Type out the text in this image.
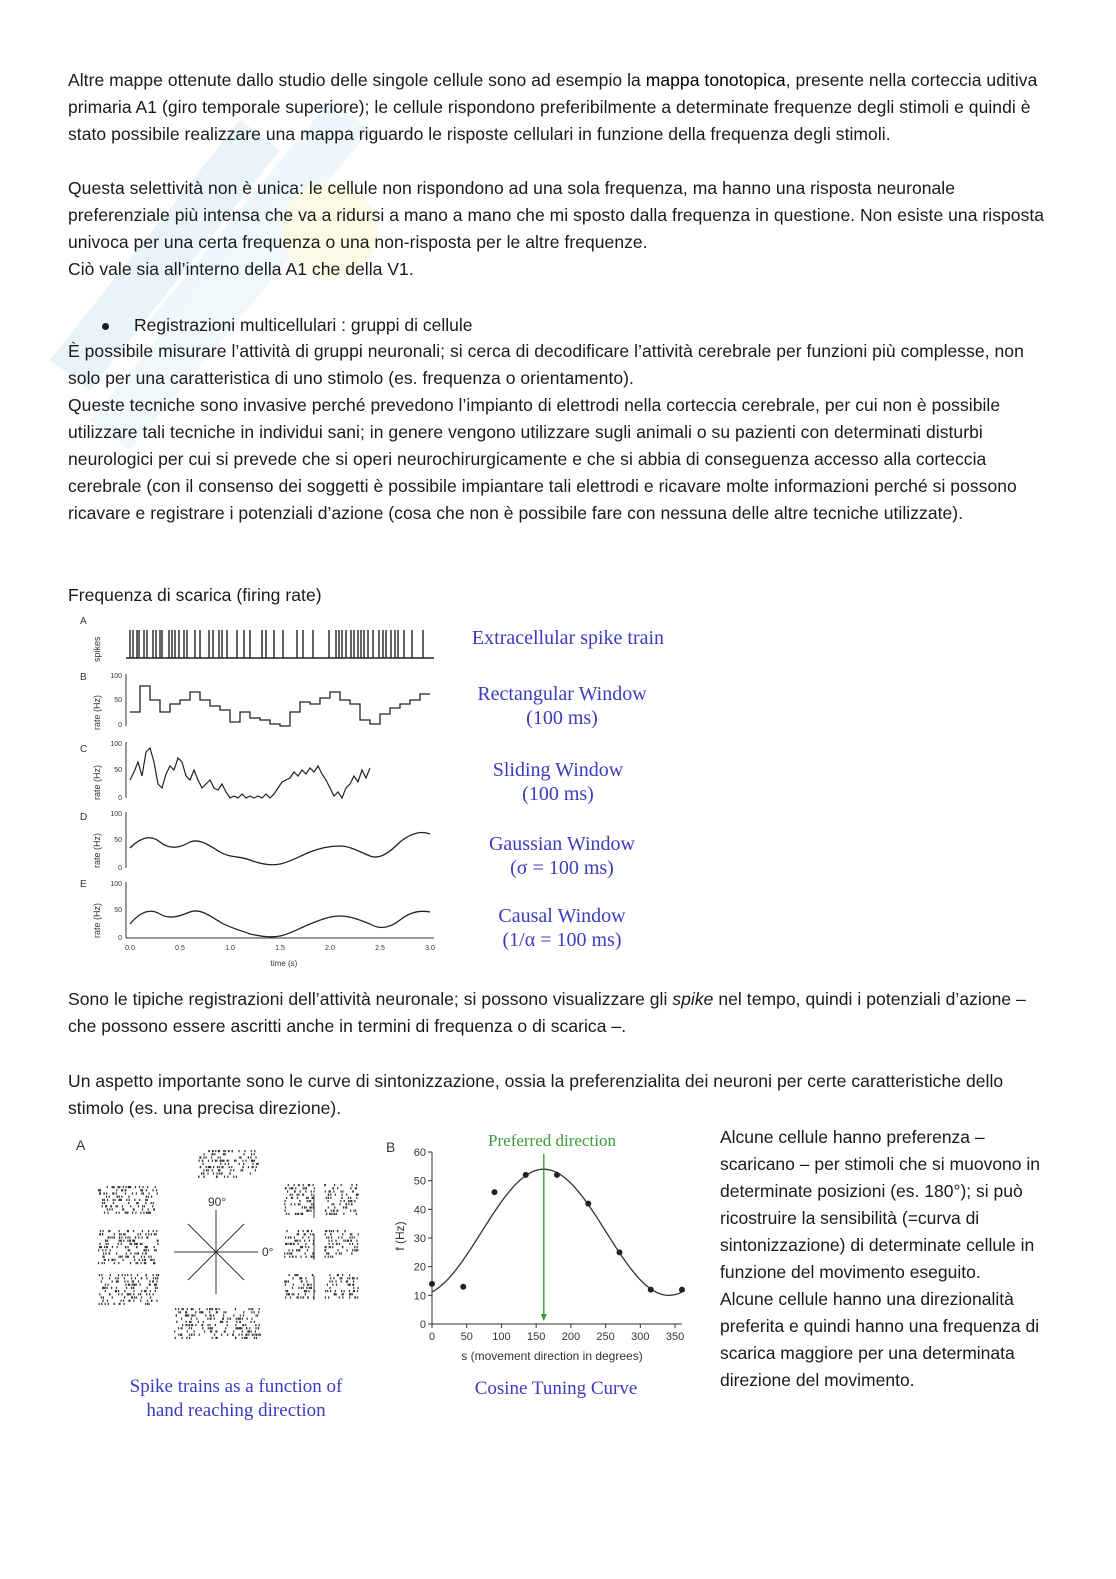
Altre mappe ottenute dallo studio delle singole cellule sono ad esempio la mappa tonotopica, presente nella corteccia uditiva primaria A1 (giro temporale superiore); le cellule rispondono preferibilmente a determinate frequenze degli stimoli e quindi è stato possibile realizzare una mappa riguardo le risposte cellulari in funzione della frequenza degli stimoli.
Questa selettività non è unica: le cellule non rispondono ad una sola frequenza, ma hanno una risposta neuronale preferenziale più intensa che va a ridursi a mano a mano che mi sposto dalla frequenza in questione. Non esiste una risposta univoca per una certa frequenza o una non-risposta per le altre frequenze.
Ciò vale sia all’interno della A1 che della V1.
Registrazioni multicellulari : gruppi di cellule
È possibile misurare l’attività di gruppi neuronali; si cerca di decodificare l’attività cerebrale per funzioni più complesse, non solo per una caratteristica di uno stimolo (es. frequenza o orientamento).
Queste tecniche sono invasive perché prevedono l’impianto di elettrodi nella corteccia cerebrale, per cui non è possibile utilizzare tali tecniche in individui sani; in genere vengono utilizzare sugli animali o su pazienti con determinati disturbi neurologici per cui si prevede che si operi neurochirurgicamente e che si abbia di conseguenza accesso alla corteccia cerebrale (con il consenso dei soggetti è possibile impiantare tali elettrodi e ricavare molte informazioni perché si possono ricavare e registrare i potenziali d’azione (cosa che non è possibile fare con nessuna delle altre tecniche utilizzate).
Frequenza di scarica (firing rate)
A
B
C
D
E
spikes
rate (Hz)
rate (Hz)
rate (Hz)
rate (Hz)
100
50
0
100
50
0
100
50
0
100
50
0
0.0	0.5	1.0	1.5	2.0	2.5	3.0
time (s)
Extracellular spike train
Rectangular Window
(100 ms)
Sliding Window
(100 ms)
Gaussian Window
(σ = 100 ms)
Causal Window
(1/α = 100 ms)
Sono le tipiche registrazioni dell’attività neuronale; si possono visualizzare gli spike nel tempo, quindi i potenziali d’azione – che possono essere ascritti anche in termini di frequenza o di scarica –.
Un aspetto importante sono le curve di sintonizzazione, ossia la preferenzialita dei neuroni per certe caratteristiche dello stimolo (es. una precisa direzione).
A	B
90°
0°
Spike trains as a function of
hand reaching direction
60
50
40
30
20
10
0
0 50 100 150 200 250 300 350
Preferred direction
f (Hz)
s (movement direction in degrees)
Cosine Tuning Curve
Alcune cellule hanno preferenza – scaricano – per stimoli che si muovono in determinate posizioni (es. 180°); si può ricostruire la sensibilità (=curva di sintonizzazione) di determinate cellule in funzione del movimento eseguito.
Alcune cellule hanno una direzionalità preferita e quindi hanno una frequenza di scarica maggiore per una determinata direzione del movimento.
